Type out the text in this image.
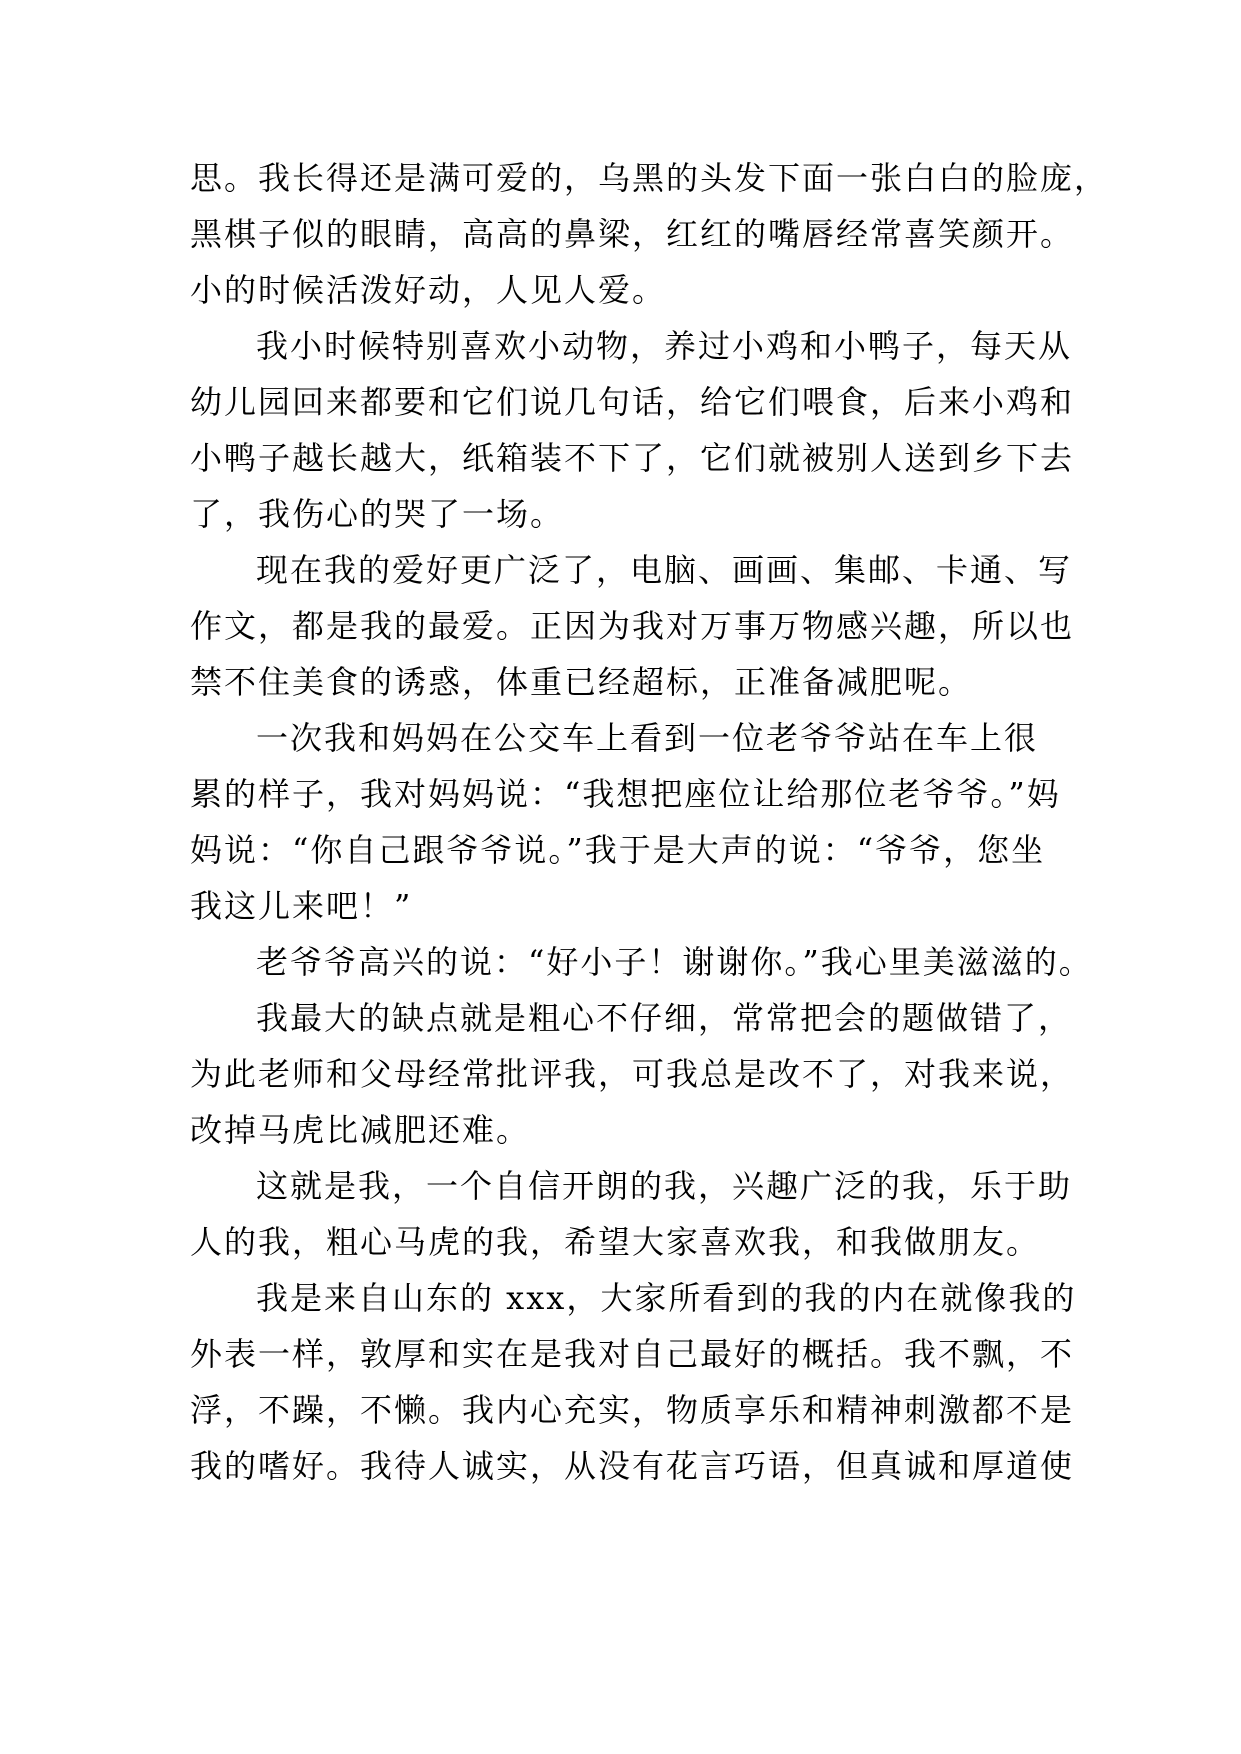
思。我长得还是满可爱的，乌黑的头发下面一张白白的脸庞，
黑棋子似的眼睛，高高的鼻梁，红红的嘴唇经常喜笑颜开。
小的时候活泼好动，人见人爱。
我小时候特别喜欢小动物，养过小鸡和小鸭子，每天从
幼儿园回来都要和它们说几句话，给它们喂食，后来小鸡和
小鸭子越长越大，纸箱装不下了，它们就被别人送到乡下去
了，我伤心的哭了一场。
现在我的爱好更广泛了，电脑、画画、集邮、卡通、写
作文，都是我的最爱。正因为我对万事万物感兴趣，所以也
禁不住美食的诱惑，体重已经超标，正准备减肥呢。
一次我和妈妈在公交车上看到一位老爷爷站在车上很
累的样子，我对妈妈说：“我想把座位让给那位老爷爷。”妈
妈说：“你自己跟爷爷说。”我于是大声的说：“爷爷，您坐
我这儿来吧！”
老爷爷高兴的说：“好小子！谢谢你。”我心里美滋滋的。
我最大的缺点就是粗心不仔细，常常把会的题做错了，
为此老师和父母经常批评我，可我总是改不了，对我来说，
改掉马虎比减肥还难。
这就是我，一个自信开朗的我，兴趣广泛的我，乐于助
人的我，粗心马虎的我，希望大家喜欢我，和我做朋友。
我是来自山东的 xxx，大家所看到的我的内在就像我的
外表一样，敦厚和实在是我对自己最好的概括。我不飘，不
浮，不躁，不懒。我内心充实，物质享乐和精神刺激都不是
我的嗜好。我待人诚实，从没有花言巧语，但真诚和厚道使
